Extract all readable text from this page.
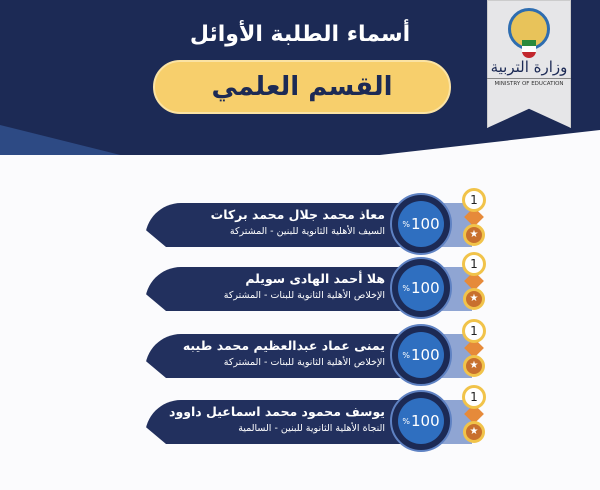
أسماء الطلبة الأوائل
القسم العلمي
وزارة التربية
MINISTRY OF EDUCATION
% 100
معاذ محمد جلال محمد بركات
السيف الأهلية الثانوية للبنين - المشتركة
1
★
% 100
هلا أحمد الهادى سويلم
الإخلاص الأهلية الثانوية للبنات - المشتركة
1
★
% 100
يمنى عماد عبدالعظيم محمد طيبه
الإخلاص الأهلية الثانوية للبنات - المشتركة
1
★
% 100
يوسف محمود محمد اسماعيل داوود
النجاة الأهلية الثانوية للبنين - السالمية
1
★
